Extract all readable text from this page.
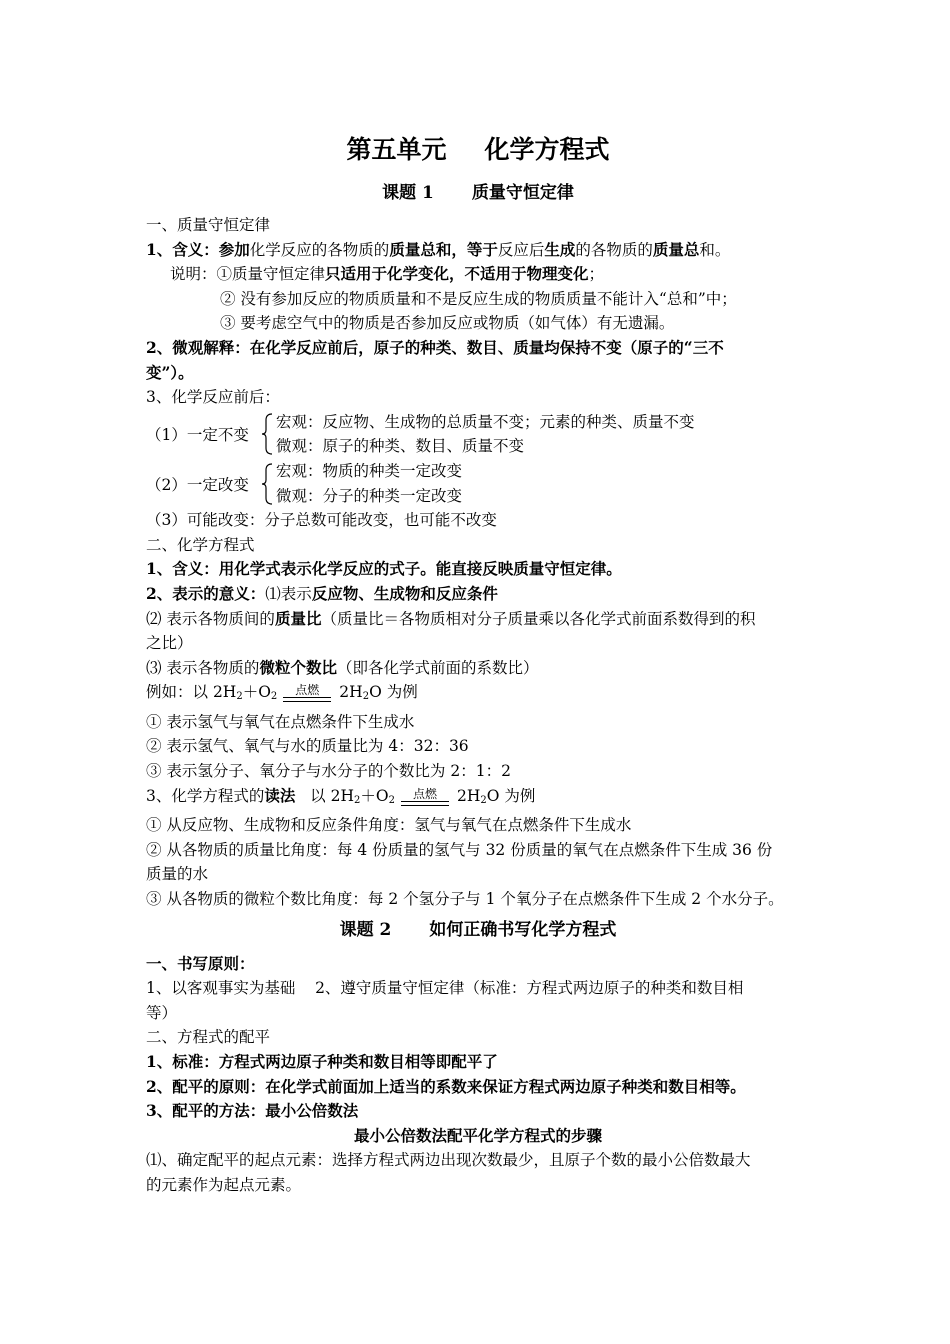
第五单元 化学方程式
课题 1 质量守恒定律
一、质量守恒定律
1、含义：参加化学反应的各物质的质量总和，等于反应后生成的各物质的质量总和。
说明：①质量守恒定律只适用于化学变化，不适用于物理变化；
② 没有参加反应的物质质量和不是反应生成的物质质量不能计入“总和”中；
③ 要考虑空气中的物质是否参加反应或物质（如气体）有无遗漏。
2、微观解释：在化学反应前后，原子的种类、数目、质量均保持不变（原子的“三不
变”）。
3、化学反应前后：
（1）一定不变
宏观：反应物、生成物的总质量不变；元素的种类、质量不变
微观：原子的种类、数目、质量不变
（2）一定改变
宏观：物质的种类一定改变
微观：分子的种类一定改变
（3）可能改变：分子总数可能改变，也可能不改变
二、化学方程式
1、含义：用化学式表示化学反应的式子。能直接反映质量守恒定律。
2、表示的意义：⑴表示反应物、生成物和反应条件
⑵ 表示各物质间的质量比（质量比＝各物质相对分子质量乘以各化学式前面系数得到的积
之比）
⑶ 表示各物质的微粒个数比（即各化学式前面的系数比）
例如：以 $2H_2+O_2$ 点燃 $2H_2O$ 为例
① 表示氢气与氧气在点燃条件下生成水
② 表示氢气、氧气与水的质量比为 4：32：36
③ 表示氢分子、氧分子与水分子的个数比为 2：1：2
3、化学方程式的读法   以 $2H_2+O_2$ 点燃 $2H_2O$ 为例
① 从反应物、生成物和反应条件角度：氢气与氧气在点燃条件下生成水
② 从各物质的质量比角度：每 4 份质量的氢气与 32 份质量的氧气在点燃条件下生成 36 份
质量的水
③ 从各物质的微粒个数比角度：每 2 个氢分子与 1 个氧分子在点燃条件下生成 2 个水分子。
课题 2 如何正确书写化学方程式
一、书写原则：
1、以客观事实为基础    2、遵守质量守恒定律（标准：方程式两边原子的种类和数目相
等）
二、方程式的配平
1、标准：方程式两边原子种类和数目相等即配平了
2、配平的原则：在化学式前面加上适当的系数来保证方程式两边原子种类和数目相等。
3、配平的方法：最小公倍数法
最小公倍数法配平化学方程式的步骤
⑴、确定配平的起点元素：选择方程式两边出现次数最少，且原子个数的最小公倍数最大
的元素作为起点元素。
